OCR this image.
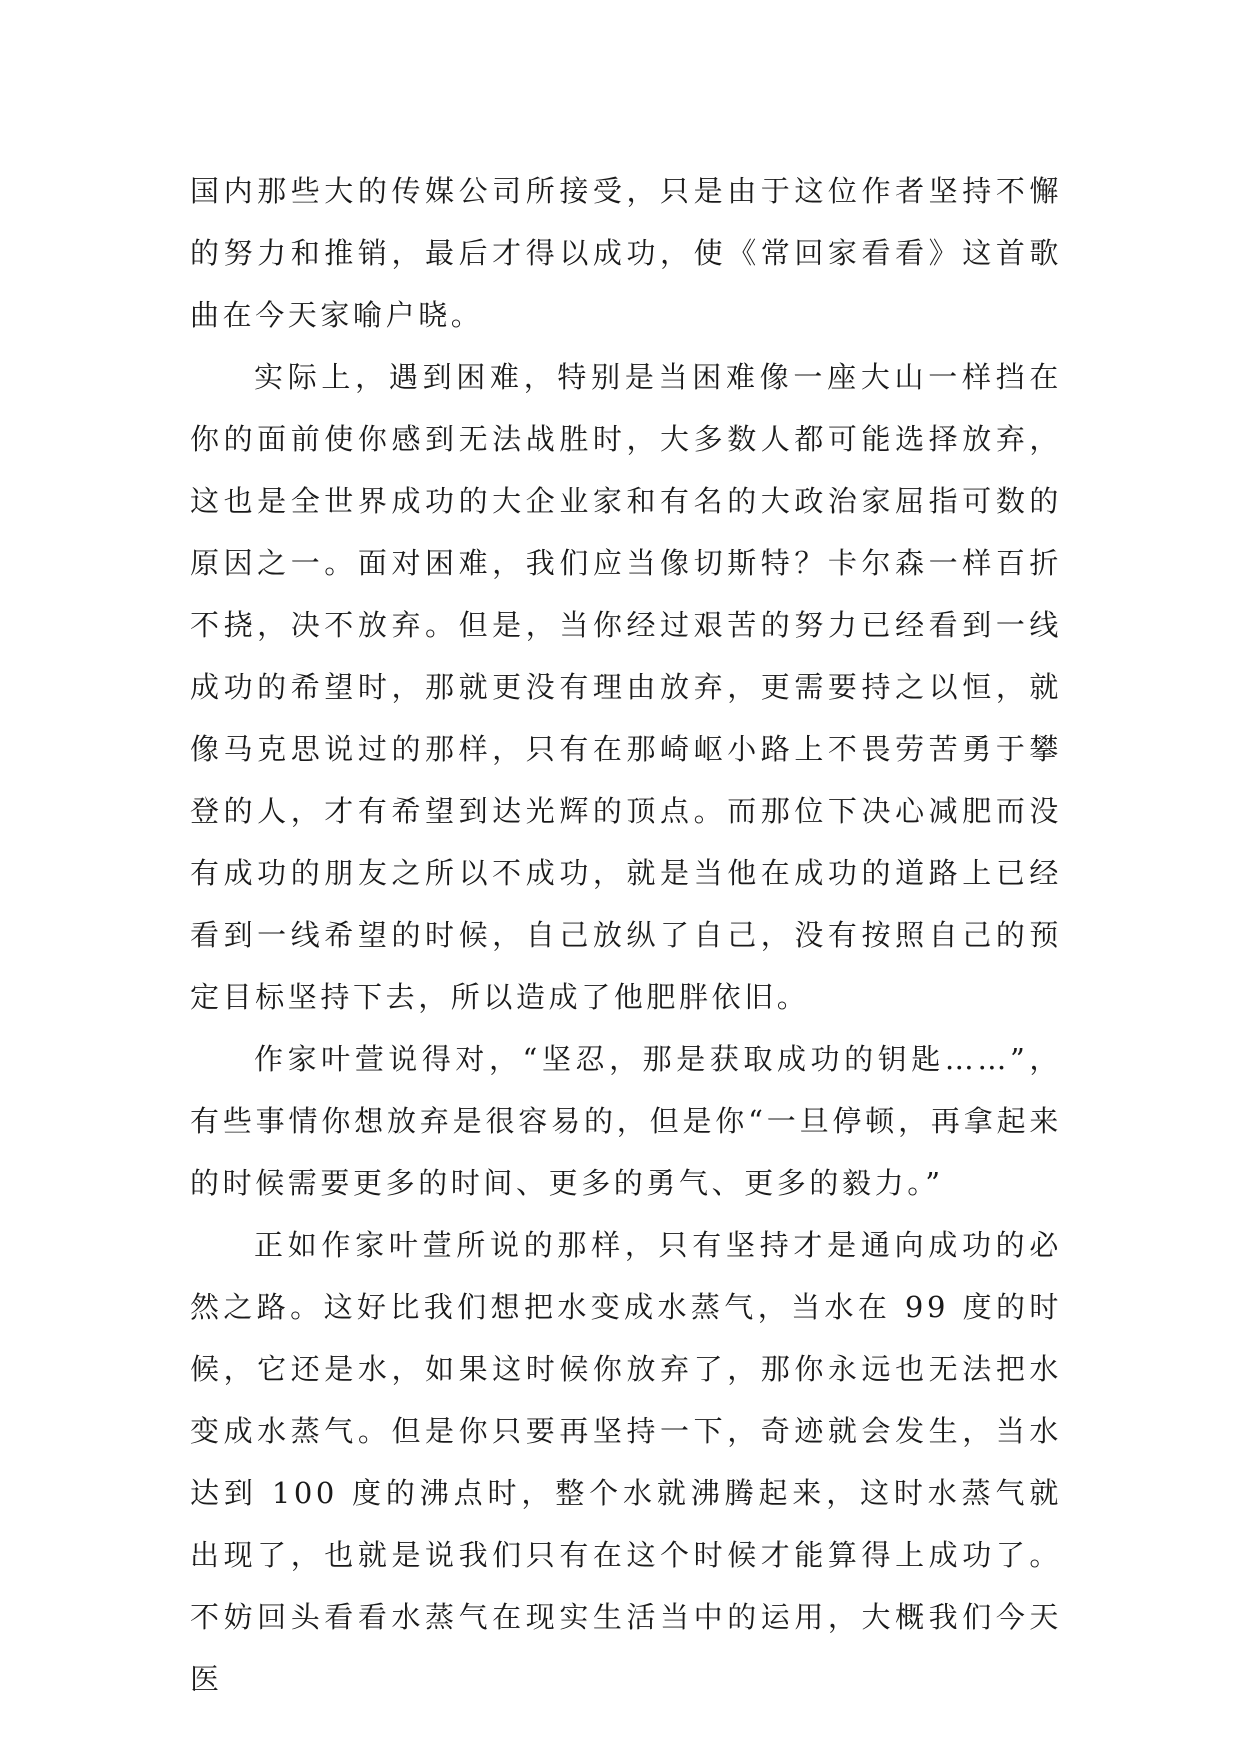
国内那些大的传媒公司所接受，只是由于这位作者坚持不懈的努力和推销，最后才得以成功，使《常回家看看》这首歌曲在今天家喻户晓。

实际上，遇到困难，特别是当困难像一座大山一样挡在你的面前使你感到无法战胜时，大多数人都可能选择放弃，这也是全世界成功的大企业家和有名的大政治家屈指可数的原因之一。面对困难，我们应当像切斯特？卡尔森一样百折不挠，决不放弃。但是，当你经过艰苦的努力已经看到一线成功的希望时，那就更没有理由放弃，更需要持之以恒，就像马克思说过的那样，只有在那崎岖小路上不畏劳苦勇于攀登的人，才有希望到达光辉的顶点。而那位下决心减肥而没有成功的朋友之所以不成功，就是当他在成功的道路上已经看到一线希望的时候，自己放纵了自己，没有按照自己的预定目标坚持下去，所以造成了他肥胖依旧。

作家叶萱说得对，“坚忍，那是获取成功的钥匙……”，有些事情你想放弃是很容易的，但是你“一旦停顿，再拿起来的时候需要更多的时间、更多的勇气、更多的毅力。”

正如作家叶萱所说的那样，只有坚持才是通向成功的必然之路。这好比我们想把水变成水蒸气，当水在 99 度的时候，它还是水，如果这时候你放弃了，那你永远也无法把水变成水蒸气。但是你只要再坚持一下，奇迹就会发生，当水达到 100 度的沸点时，整个水就沸腾起来，这时水蒸气就出现了，也就是说我们只有在这个时候才能算得上成功了。不妨回头看看水蒸气在现实生活当中的运用，大概我们今天医
